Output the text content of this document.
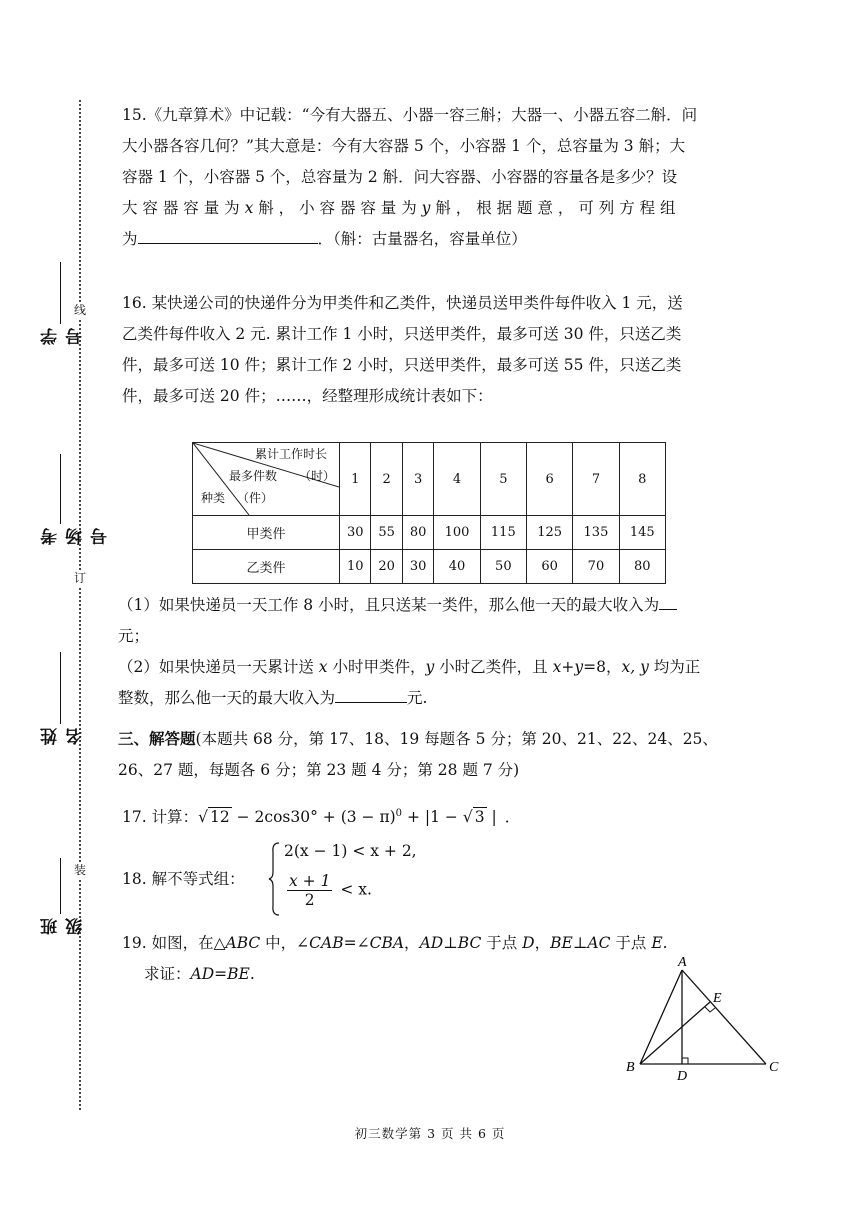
线
订
装
学号
考场号
姓名
班级
15.《九章算术》中记载：“今有大器五、小器一容三斛；大器一、小器五容二斛．问
大小器各容几何？”其大意是：今有大容器 5 个，小容器 1 个，总容量为 3 斛；大
容器 1 个，小容器 5 个，总容量为 2 斛．问大容器、小容器的容量各是多少？设
大 容 器 容 量 为 x 斛 ， 小 容 器 容 量 为 y 斛 ， 根 据 题 意 ， 可 列 方 程 组
为	．（斛：古量器名，容量单位）
16. 某快递公司的快递件分为甲类件和乙类件，快递员送甲类件每件收入 1 元，送
乙类件每件收入 2 元. 累计工作 1 小时，只送甲类件，最多可送 30 件，只送乙类
件，最多可送 10 件；累计工作 2 小时，只送甲类件，最多可送 55 件，只送乙类
件，最多可送 20 件；……，经整理形成统计表如下：
累计工作时长
最多件数 （时）
种类 （件）	1	2	3	4	5	6	7	8
甲类件	30	55	80	100	115	125	135	145
乙类件	10	20	30	40	50	60	70	80
（1）如果快递员一天工作 8 小时，且只送某一类件，那么他一天的最大收入为
元；
（2）如果快递员一天累计送 x 小时甲类件，y 小时乙类件，且 x+y=8，x, y 均为正
整数，那么他一天的最大收入为	元.
三、解答题(本题共 68 分，第 17、18、19 每题各 5 分；第 20、21、22、24、25、
26、27 题，每题各 6 分；第 23 题 4 分；第 28 题 7 分)
17. 计算：√ $12 - 2\cos 30^\circ + (3 - \pi)^0 + |1$ − √ 3 | ．
18. 解不等式组：
2(x − 1) < x + 2,
$\frac{x + 1}{2} < x$.
19. 如图，在△ABC 中，∠CAB=∠CBA，AD⊥BC 于点 D，BE⊥AC 于点 E.
求证：AD=BE.
A
B	C
D
E
初三数学第 3 页 共 6 页
